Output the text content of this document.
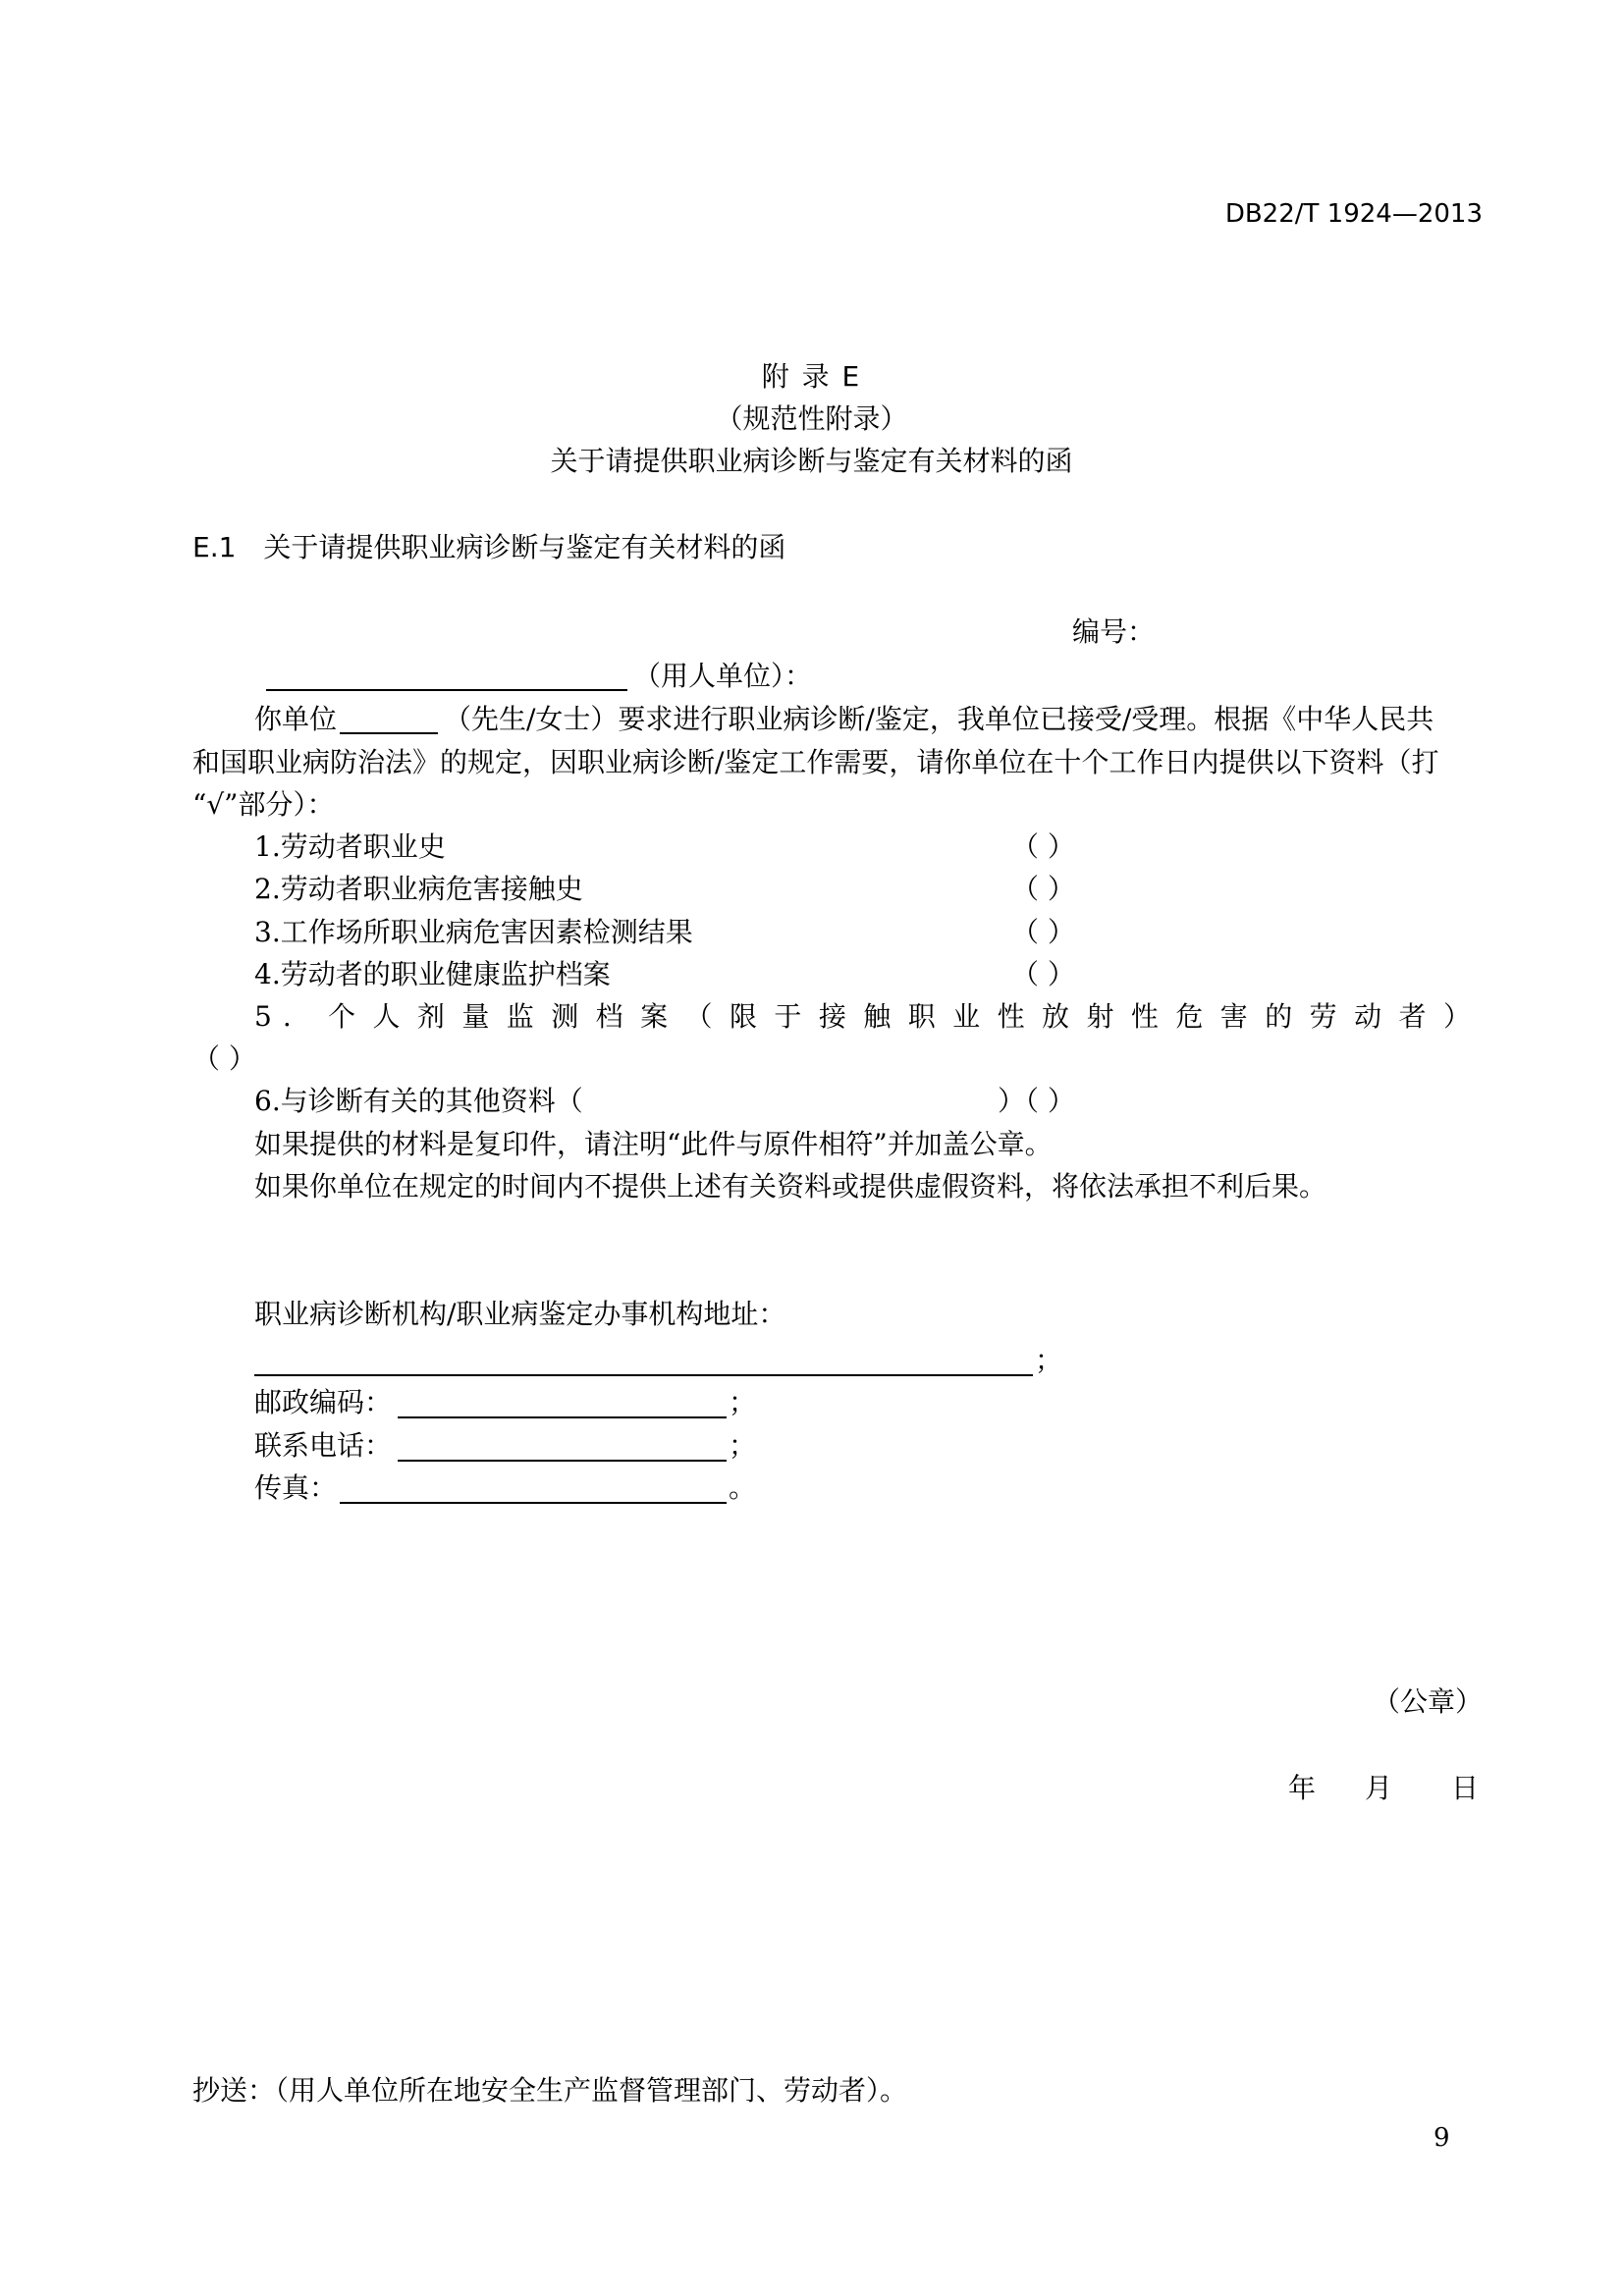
DB22/T 1924—2013
附 录 E
（规范性附录）
关于请提供职业病诊断与鉴定有关材料的函
E.1 关于请提供职业病诊断与鉴定有关材料的函
编号：
（用人单位）：
你单位	（先生/女士）要求进行职业病诊断/鉴定，我单位已接受/受理。根据《中华人民共
和国职业病防治法》的规定，因职业病诊断/鉴定工作需要，请你单位在十个工作日内提供以下资料（打
“√”部分）：
1.劳动者职业史	（ ）
2.劳动者职业病危害接触史	（ ）
3.工作场所职业病危害因素检测结果	（ ）
4.劳动者的职业健康监护档案	（ ）
5. 个人剂量监测档案（限于接触职业性放射性危害的劳动者）
（ ）
6.与诊断有关的其他资料（	）（ ）
如果提供的材料是复印件，请注明“此件与原件相符”并加盖公章。
如果你单位在规定的时间内不提供上述有关资料或提供虚假资料，将依法承担不利后果。
职业病诊断机构/职业病鉴定办事机构地址：
；
邮政编码：	；
联系电话：	；
传真：	。
（公章）
年 月 日
抄送：（用人单位所在地安全生产监督管理部门、劳动者）。
9
